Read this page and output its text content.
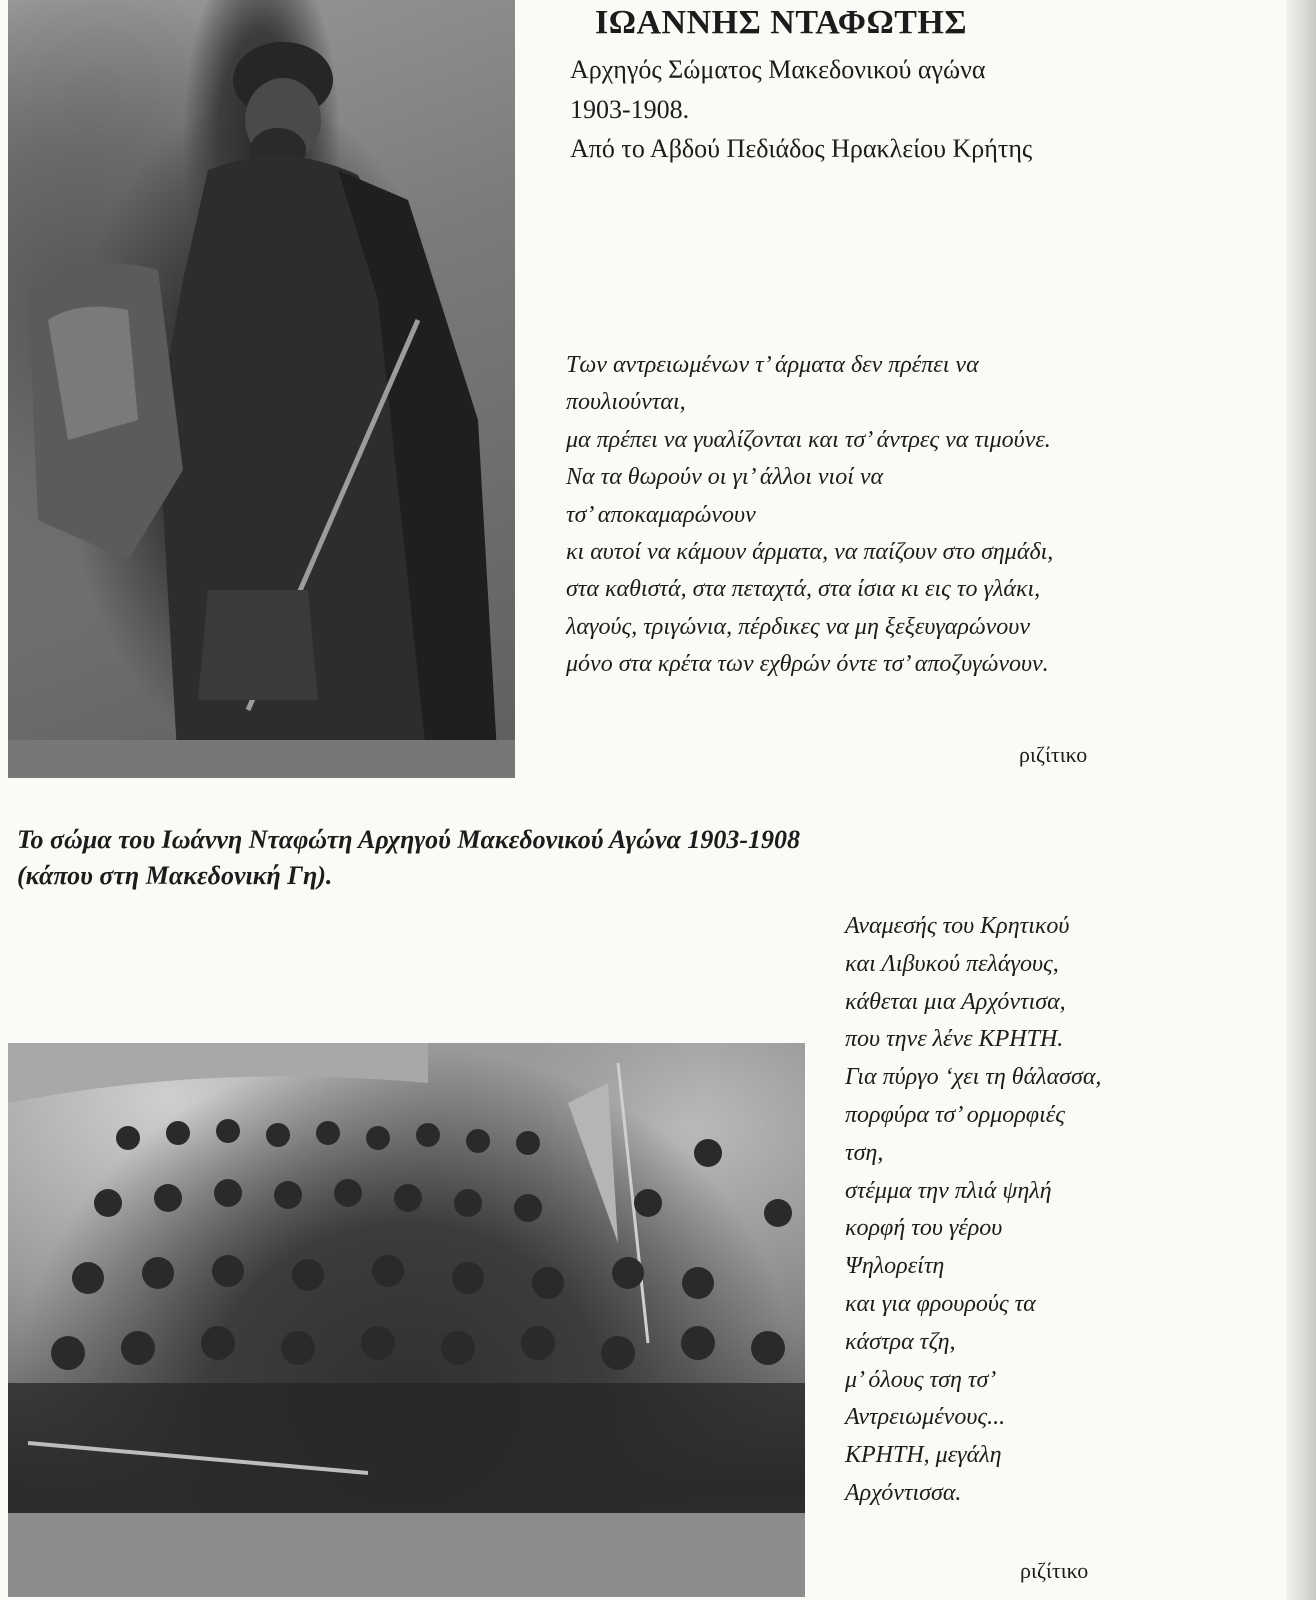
ΙΩΑΝΝΗΣ ΝΤΑΦΩΤΗΣ
Αρχηγός Σώματος Μακεδονικού αγώνα
1903-1908.
Από το Αβδού Πεδιάδος Ηρακλείου Κρήτης
Των αντρειωμένων τ’ άρματα δεν πρέπει να
πουλιούνται,
μα πρέπει να γυαλίζονται και τσ’ άντρες να τιμούνε.
Να τα θωρούν οι γι’ άλλοι νιοί να
τσ’ αποκαμαρώνουν
κι αυτοί να κάμουν άρματα, να παίζουν στο σημάδι,
στα καθιστά, στα πεταχτά, στα ίσια κι εις το γλάκι,
λαγούς, τριγώνια, πέρδικες να μη ξεξευγαρώνουν
μόνο στα κρέτα των εχθρών όντε τσ’ αποζυγώνουν.
ριζίτικο
Το σώμα του Ιωάννη Νταφώτη Αρχηγού Μακεδονικού Αγώνα 1903-1908
(κάπου στη Μακεδονική Γη).
Αναμεσής του Κρητικού
και Λιβυκού πελάγους,
κάθεται μια Αρχόντισα,
που τηνε λένε ΚΡΗΤΗ.
Για πύργο ‘χει τη θάλασσα,
πορφύρα τσ’ ορμορφιές
τση,
στέμμα την πλιά ψηλή
κορφή του γέρου
Ψηλορείτη
και για φρουρούς τα
κάστρα τζη,
μ’ όλους τση τσ’
Αντρειωμένους...
ΚΡΗΤΗ, μεγάλη
Αρχόντισσα.
ριζίτικο
